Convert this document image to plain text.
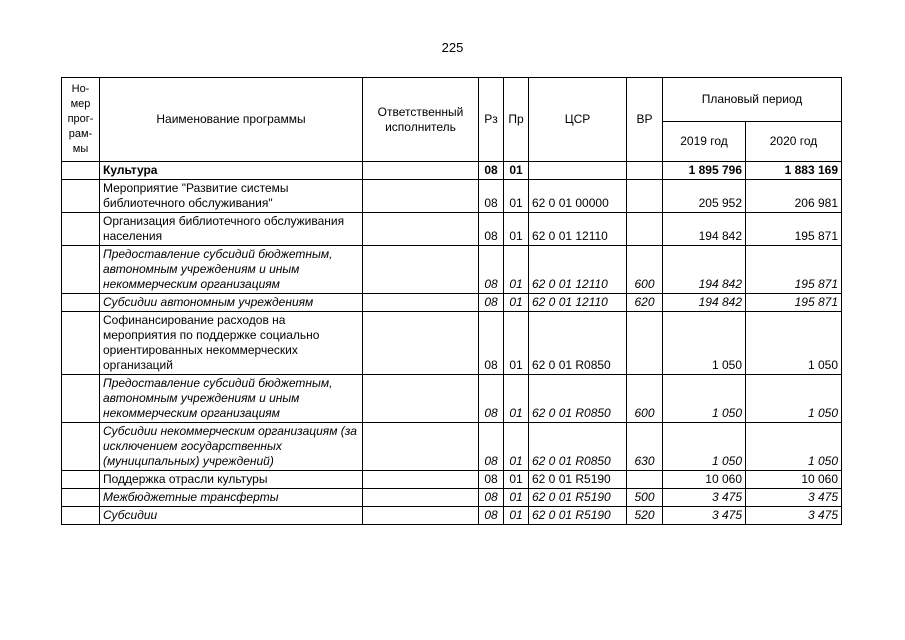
225
Но-
мер
прог-
рам-
мы	Наименование программы	Ответственный исполнитель	Рз	Пр	ЦСР	ВР	Плановый период	
							2019 год	2020 год
	Культура		08	01			1 895 796	1 883 169
	Мероприятие "Развитие системы библиотечного обслуживания"		08	01	62 0 01 00000		205 952	206 981
	Организация библиотечного обслуживания населения		08	01	62 0 01 12110		194 842	195 871
	Предоставление субсидий бюджетным, автономным учреждениям и иным некоммерческим организациям		08	01	62 0 01 12110	600	194 842	195 871
	Субсидии автономным учреждениям		08	01	62 0 01 12110	620	194 842	195 871
	Софинансирование расходов на мероприятия по поддержке социально ориентированных некоммерческих организаций		08	01	62 0 01 R0850		1 050	1 050
	Предоставление субсидий бюджетным, автономным учреждениям и иным некоммерческим организациям		08	01	62 0 01 R0850	600	1 050	1 050
	Субсидии некоммерческим организациям (за исключением государственных (муниципальных) учреждений)		08	01	62 0 01 R0850	630	1 050	1 050
	Поддержка отрасли культуры		08	01	62 0 01 R5190		10 060	10 060
	Межбюджетные трансферты		08	01	62 0 01 R5190	500	3 475	3 475
	Субсидии		08	01	62 0 01 R5190	520	3 475	3 475
